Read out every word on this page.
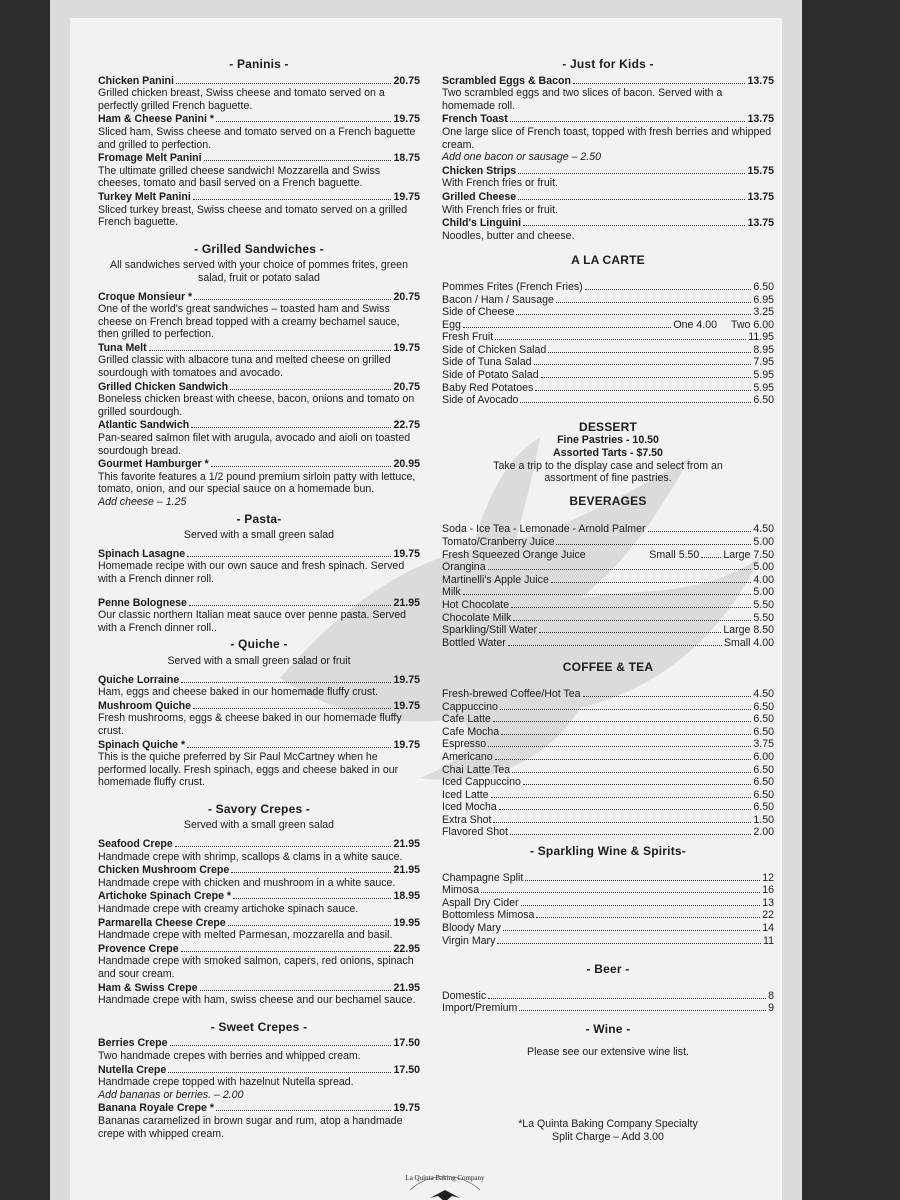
- Paninis -
Chicken Panini	20.75
Grilled chicken breast, Swiss cheese and tomato served on a perfectly grilled French baguette.
Ham & Cheese Panini *	19.75
Sliced ham, Swiss cheese and tomato served on a French baguette and grilled to perfection.
Fromage Melt Panini	18.75
The ultimate grilled cheese sandwich! Mozzarella and Swiss cheeses, tomato and basil served on a French baguette.
Turkey Melt Panini	19.75
Sliced turkey breast, Swiss cheese and tomato served on a grilled French baguette.
- Grilled Sandwiches -
All sandwiches served with your choice of pommes frites, green salad, fruit or potato salad
Croque Monsieur *	20.75
One of the world's great sandwiches – toasted ham and Swiss cheese on French bread topped with a creamy bechamel sauce, then grilled to perfection.
Tuna Melt	19.75
Grilled classic with albacore tuna and melted cheese on grilled sourdough with tomatoes and avocado.
Grilled Chicken Sandwich	20.75
Boneless chicken breast with cheese, bacon, onions and tomato on grilled sourdough.
Atlantic Sandwich	22.75
Pan-seared salmon filet with arugula, avocado and aioli on toasted sourdough bread.
Gourmet Hamburger *	20.95
This favorite features a 1/2 pound premium sirloin patty with lettuce, tomato, onion, and our special sauce on a homemade bun.
Add cheese – 1.25
- Pasta-
Served with a small green salad
Spinach Lasagne	19.75
Homemade recipe with our own sauce and fresh spinach. Served with a French dinner roll.
Penne Bolognese	21.95
Our classic northern Italian meat sauce over penne pasta. Served with a French dinner roll..
- Quiche -
Served with a small green salad or fruit
Quiche Lorraine	19.75
Ham, eggs and cheese baked in our homemade fluffy crust.
Mushroom Quiche	19.75
Fresh mushrooms, eggs & cheese baked in our homemade fluffy crust.
Spinach Quiche *	19.75
This is the quiche preferred by Sir Paul McCartney when he performed locally. Fresh spinach, eggs and cheese baked in our homemade fluffy crust.
- Savory Crepes -
Served with a small green salad
Seafood Crepe	21.95
Handmade crepe with shrimp, scallops & clams in a white sauce.
Chicken Mushroom Crepe	21.95
Handmade crepe with chicken and mushroom in a white sauce.
Artichoke Spinach Crepe *	18.95
Handmade crepe with creamy artichoke spinach sauce.
Parmarella Cheese Crepe	19.95
Handmade crepe with melted Parmesan, mozzarella and basil.
Provence Crepe	22.95
Handmade crepe with smoked salmon, capers, red onions, spinach and sour cream.
Ham & Swiss Crepe	21.95
Handmade crepe with ham, swiss cheese and our bechamel sauce.
- Sweet Crepes -
Berries Crepe	17.50
Two handmade crepes with berries and whipped cream.
Nutella Crepe	17.50
Handmade crepe topped with hazelnut Nutella spread.
Add bananas or berries. – 2.00
Banana Royale Crepe *	19.75
Bananas caramelized in brown sugar and rum, atop a handmade crepe with whipped cream.
- Just for Kids -
Scrambled Eggs & Bacon	13.75
Two scrambled eggs and two slices of bacon. Served with a homemade roll.
French Toast	13.75
One large slice of French toast, topped with fresh berries and whipped cream.
Add one bacon or sausage – 2.50
Chicken Strips	15.75
With French fries or fruit.
Grilled Cheese	13.75
With French fries or fruit.
Child's Linguini	13.75
Noodles, butter and cheese.
A LA CARTE
Pommes Frites (French Fries)	6.50
Bacon / Ham / Sausage	6.95
Side of Cheese	3.25
Egg	One 4.00 Two 6.00
Fresh Fruit	11.95
Side of Chicken Salad	8.95
Side of Tuna Salad	7.95
Side of Potato Salad	5.95
Baby Red Potatoes	5.95
Side of Avocado	6.50
DESSERT
Fine Pastries - 10.50
Assorted Tarts - $7.50
Take a trip to the display case and select from an assortment of fine pastries.
BEVERAGES
Soda - Ice Tea - Lemonade - Arnold Palmer	4.50
Tomato/Cranberry Juice	5.00
Fresh Squeezed Orange Juice	Small 5.50 Large 7.50
Orangina	5.00
Martinelli's Apple Juice	4.00
Milk	5.00
Hot Chocolate	5.50
Chocolate Milk	5.50
Sparkling/Still Water	Large 8.50
Bottled Water	Small 4.00
COFFEE & TEA
Fresh-brewed Coffee/Hot Tea	4.50
Cappuccino	6.50
Cafe Latte	6.50
Cafe Mocha	6.50
Espresso	3.75
Americano	6.00
Chai Latte Tea	6.50
Iced Cappuccino	6.50
Iced Latte	6.50
Iced Mocha	6.50
Extra Shot	1.50
Flavored Shot	2.00
- Sparkling Wine & Spirits-
Champagne Split	12
Mimosa	16
Aspall Dry Cider	13
Bottomless Mimosa	22
Bloody Mary	14
Virgin Mary	11
- Beer -
Domestic	8
Import/Premium	9
- Wine -
Please see our extensive wine list.
*La Quinta Baking Company Specialty
Split Charge – Add 3.00
La Quinta Baking Company
